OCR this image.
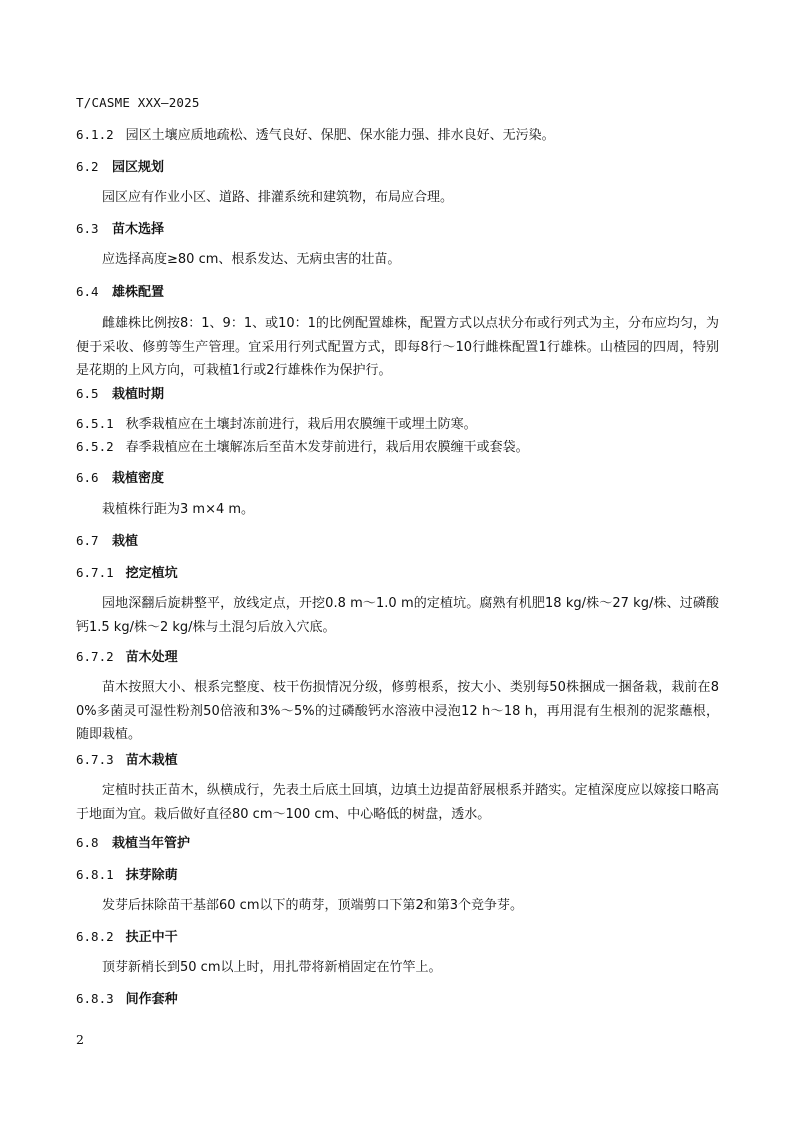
T/CASME XXX—2025
6.1.2 园区土壤应质地疏松、透气良好、保肥、保水能力强、排水良好、无污染。
6.2 园区规划
园区应有作业小区、道路、排灌系统和建筑物，布局应合理。
6.3 苗木选择
应选择高度≥80 cm、根系发达、无病虫害的壮苗。
6.4 雄株配置
雌雄株比例按8：1、9：1、或10：1的比例配置雄株，配置方式以点状分布或行列式为主，分布应均匀，为便于采收、修剪等生产管理。宜采用行列式配置方式，即每8行～10行雌株配置1行雄株。山楂园的四周，特别是花期的上风方向，可栽植1行或2行雄株作为保护行。
6.5 栽植时期
6.5.1 秋季栽植应在土壤封冻前进行，栽后用农膜缠干或埋土防寒。
6.5.2 春季栽植应在土壤解冻后至苗木发芽前进行，栽后用农膜缠干或套袋。
6.6 栽植密度
栽植株行距为3 m×4 m。
6.7 栽植
6.7.1 挖定植坑
园地深翻后旋耕整平，放线定点，开挖0.8 m～1.0 m的定植坑。腐熟有机肥18 kg/株～27 kg/株、过磷酸钙1.5 kg/株～2 kg/株与土混匀后放入穴底。
6.7.2 苗木处理
苗木按照大小、根系完整度、枝干伤损情况分级，修剪根系，按大小、类别每50株捆成一捆备栽，栽前在80%多菌灵可湿性粉剂50倍液和3%～5%的过磷酸钙水溶液中浸泡12 h～18 h，再用混有生根剂的泥浆蘸根，随即栽植。
6.7.3 苗木栽植
定植时扶正苗木，纵横成行，先表土后底土回填，边填土边提苗舒展根系并踏实。定植深度应以嫁接口略高于地面为宜。栽后做好直径80 cm～100 cm、中心略低的树盘，透水。
6.8 栽植当年管护
6.8.1 抹芽除萌
发芽后抹除苗干基部60 cm以下的萌芽，顶端剪口下第2和第3个竞争芽。
6.8.2 扶正中干
顶芽新梢长到50 cm以上时，用扎带将新梢固定在竹竿上。
6.8.3 间作套种
2
